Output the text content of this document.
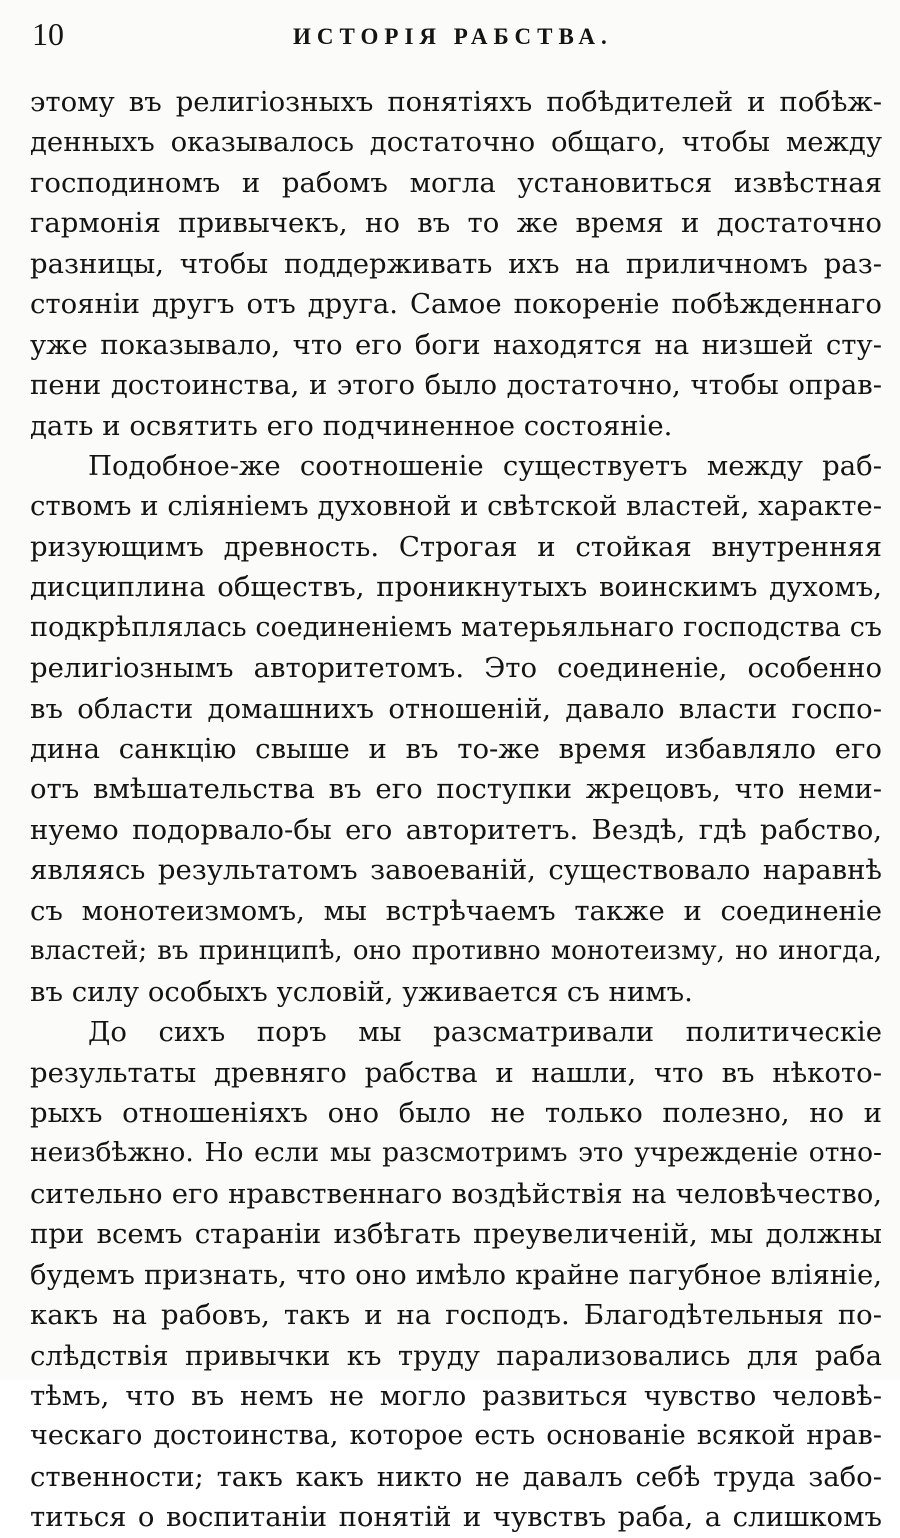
10	ИСТОРІЯ РАБСТВА.
этому въ религіозныхъ понятіяхъ побѣдителей и побѣж-
денныхъ оказывалось достаточно общаго, чтобы между
господиномъ и рабомъ могла установиться извѣстная
гармонія привычекъ, но въ то же время и достаточно
разницы, чтобы поддерживать ихъ на приличномъ раз-
стояніи другъ отъ друга. Самое покореніе побѣжденнаго
уже показывало, что его боги находятся на низшей сту-
пени достоинства, и этого было достаточно, чтобы оправ-
дать и освятить его подчиненное состояніе.
Подобное-же соотношеніе существуетъ между раб-
ствомъ и сліяніемъ духовной и свѣтской властей, характе-
ризующимъ древность. Строгая и стойкая внутренняя
дисциплина обществъ, проникнутыхъ воинскимъ духомъ,
подкрѣплялась соединеніемъ матерьяльнаго господства съ
религіознымъ авторитетомъ. Это соединеніе, особенно
въ области домашнихъ отношеній, давало власти госпо-
дина санкцію свыше и въ то-же время избавляло его
отъ вмѣшательства въ его поступки жрецовъ, что неми-
нуемо подорвало-бы его авторитетъ. Вездѣ, гдѣ рабство,
являясь результатомъ завоеваній, существовало наравнѣ
съ монотеизмомъ, мы встрѣчаемъ также и соединеніе
властей; въ принципѣ, оно противно монотеизму, но иногда,
въ силу особыхъ условій, уживается съ нимъ.
До сихъ поръ мы разсматривали политическіе
результаты древняго рабства и нашли, что въ нѣкото-
рыхъ отношеніяхъ оно было не только полезно, но и
неизбѣжно. Но если мы разсмотримъ это учрежденіе отно-
сительно его нравственнаго воздѣйствія на человѣчество,
при всемъ стараніи избѣгать преувеличеній, мы должны
будемъ признать, что оно имѣло крайне пагубное вліяніе,
какъ на рабовъ, такъ и на господъ. Благодѣтельныя по-
слѣдствія привычки къ труду парализовались для раба
тѣмъ, что въ немъ не могло развиться чувство человѣ-
ческаго достоинства, которое есть основаніе всякой нрав-
ственности; такъ какъ никто не давалъ себѣ труда забо-
титься о воспитаніи понятій и чувствъ раба, а слишкомъ
